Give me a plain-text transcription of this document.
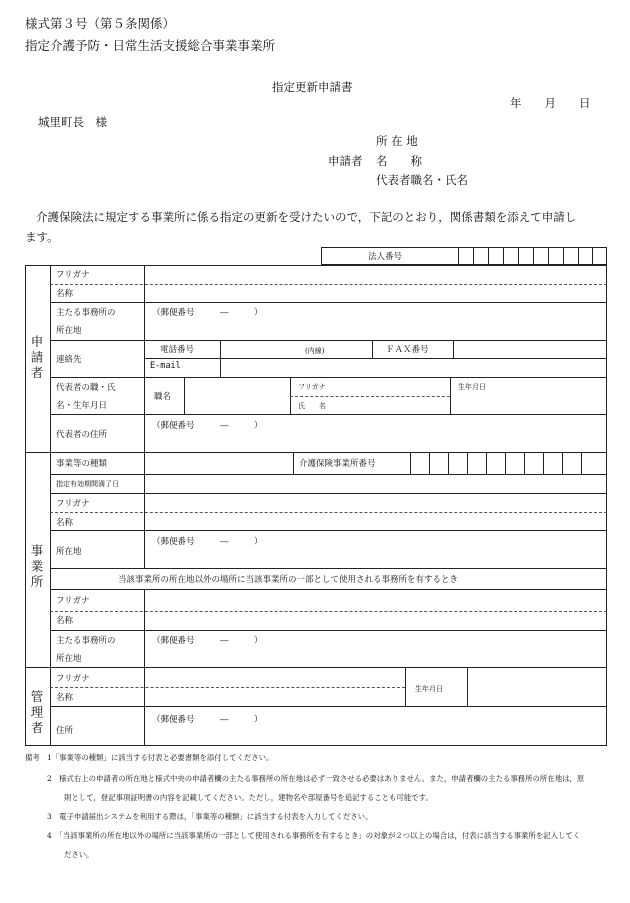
様式第３号（第５条関係）
指定介護予防・日常生活支援総合事業事業所
指定更新申請書
年　　月　　日
城里町長　様
所 在 地
申請者 名　　称
代表者職名・氏名
介護保険法に規定する事業所に係る指定の更新を受けたいので，下記のとおり，関係書類を添えて申請し
ます。
法人番号
申請者
フリガナ
名称
主たる事務所の
所在地
（郵便番号　　　―　　　）
連絡先
電話番号	(内線)	ＦＡＸ番号
E-mail
代表者の職・氏
名・生年月日
職名
フリガナ
氏　　名
生年月日
代表者の住所
（郵便番号　　　―　　　）
事業所
事業等の種類	介護保険事業所番号
指定有効期間満了日
フリガナ
名称
所在地
（郵便番号　　　―　　　）
当該事業所の所在地以外の場所に当該事業所の一部として使用される事務所を有するとき
フリガナ
名称
主たる事務所の
所在地
（郵便番号　　　―　　　）
管理者
フリガナ
名称
生年月日
住所
（郵便番号　　　―　　　）
備考 1「事業等の種類」に該当する付表と必要書類を添付してください。
2　様式右上の申請者の所在地と様式中央の申請者欄の主たる事務所の所在地は必ず一致させる必要はありません。また，申請者欄の主たる事務所の所在地は，原
則として，登記事項証明書の内容を記載してください。ただし，建物名や部屋番号を追記することも可能です。
3　電子申請届出システムを利用する際は，「事業等の種類」に該当する付表を入力してください。
4　「当該事業所の所在地以外の場所に当該事業所の一部として使用される事務所を有するとき」の対象が２つ以上の場合は，付表に該当する事業所を記入してく
ださい。
